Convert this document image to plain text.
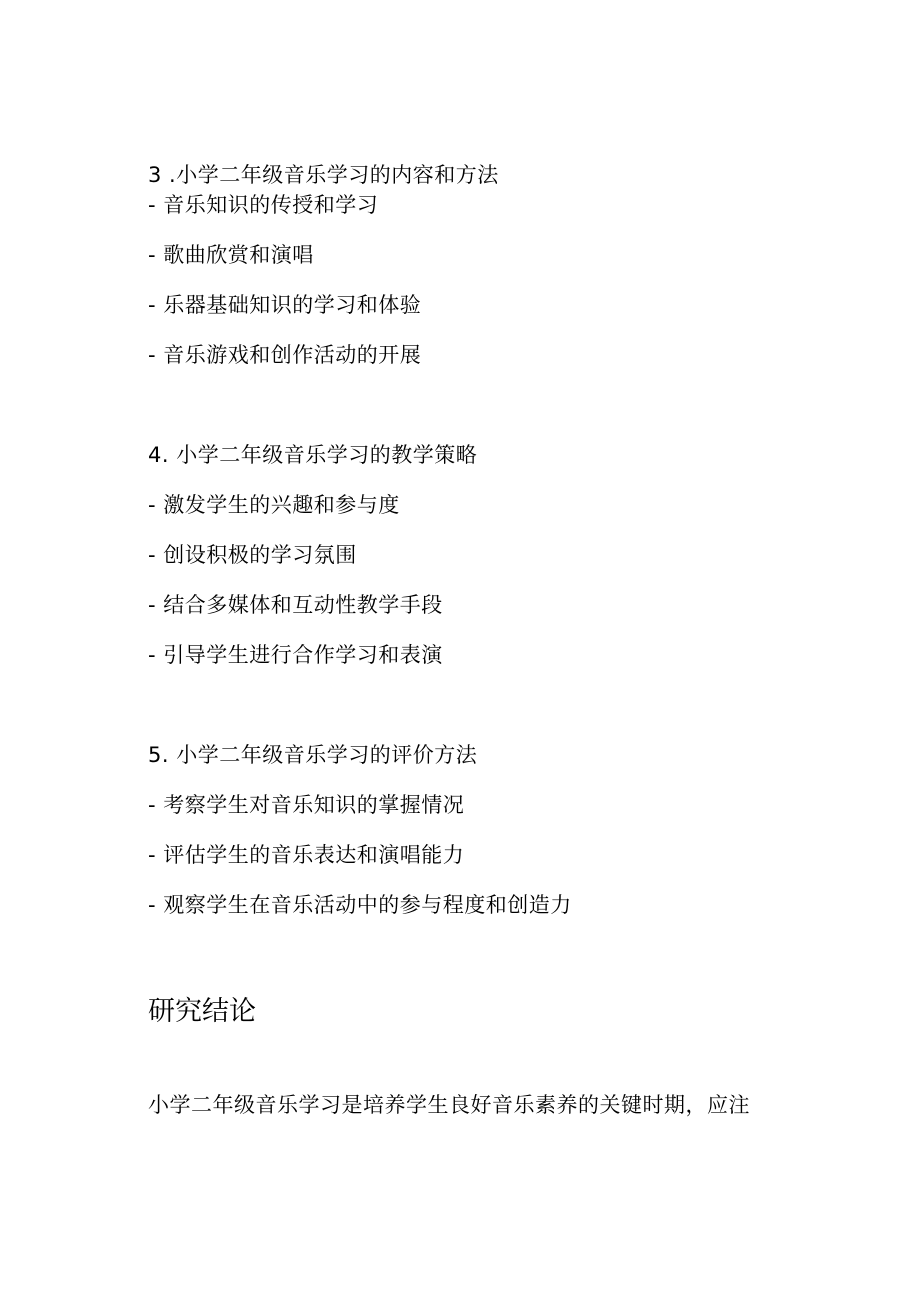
3 .小学二年级音乐学习的内容和方法
- 音乐知识的传授和学习
- 歌曲欣赏和演唱
- 乐器基础知识的学习和体验
- 音乐游戏和创作活动的开展
4. 小学二年级音乐学习的教学策略
- 激发学生的兴趣和参与度
- 创设积极的学习氛围
- 结合多媒体和互动性教学手段
- 引导学生进行合作学习和表演
5. 小学二年级音乐学习的评价方法
- 考察学生对音乐知识的掌握情况
- 评估学生的音乐表达和演唱能力
- 观察学生在音乐活动中的参与程度和创造力
研究结论
小学二年级音乐学习是培养学生良好音乐素养的关键时期，应注
